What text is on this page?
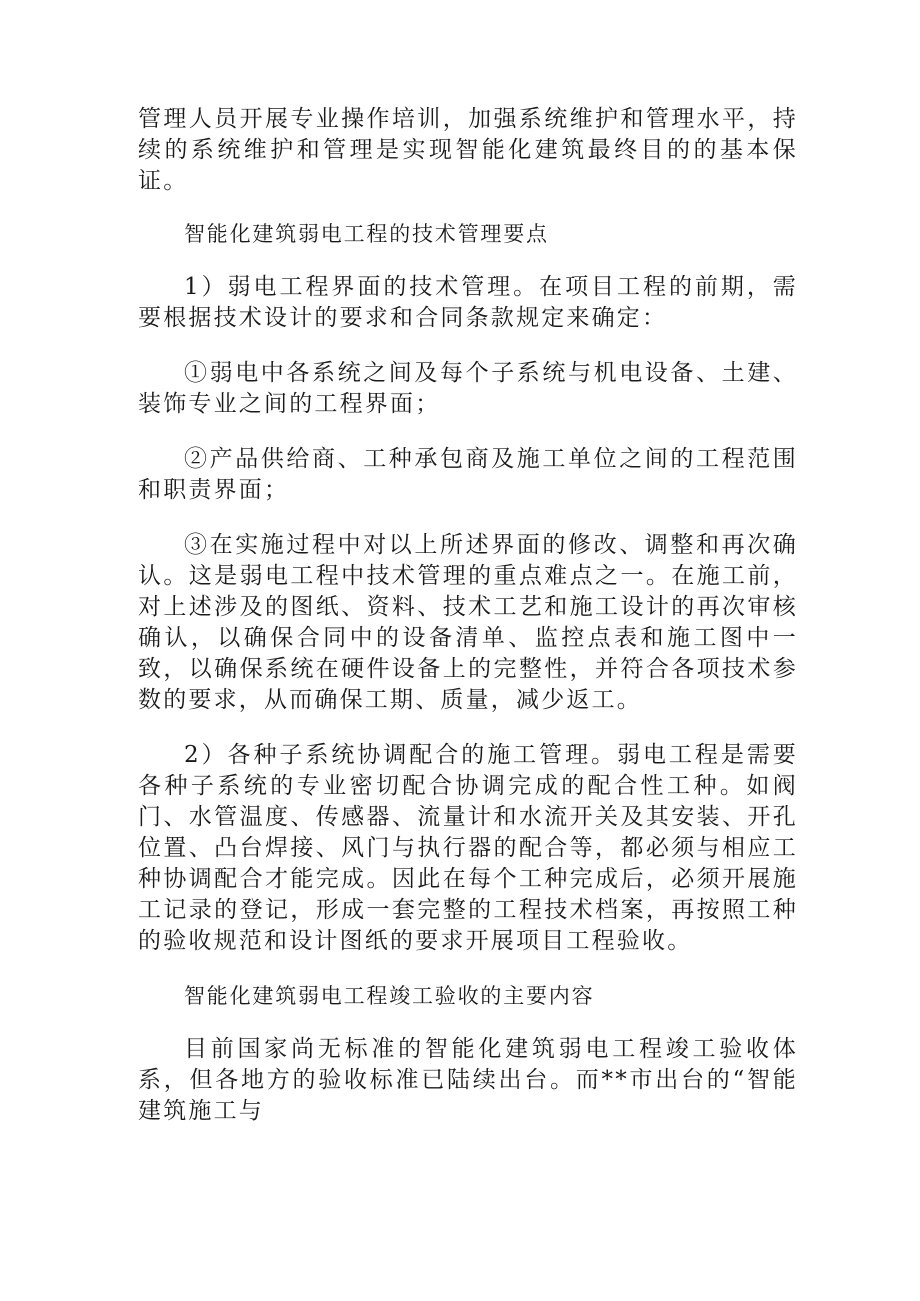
管理人员开展专业操作培训，加强系统维护和管理水平，持续的系统维护和管理是实现智能化建筑最终目的的基本保证。

智能化建筑弱电工程的技术管理要点

1）弱电工程界面的技术管理。在项目工程的前期，需要根据技术设计的要求和合同条款规定来确定：

①弱电中各系统之间及每个子系统与机电设备、土建、装饰专业之间的工程界面；

②产品供给商、工种承包商及施工单位之间的工程范围和职责界面；

③在实施过程中对以上所述界面的修改、调整和再次确认。这是弱电工程中技术管理的重点难点之一。在施工前，对上述涉及的图纸、资料、技术工艺和施工设计的再次审核确认，以确保合同中的设备清单、监控点表和施工图中一致，以确保系统在硬件设备上的完整性，并符合各项技术参数的要求，从而确保工期、质量，减少返工。

2）各种子系统协调配合的施工管理。弱电工程是需要各种子系统的专业密切配合协调完成的配合性工种。如阀门、水管温度、传感器、流量计和水流开关及其安装、开孔位置、凸台焊接、风门与执行器的配合等，都必须与相应工种协调配合才能完成。因此在每个工种完成后，必须开展施工记录的登记，形成一套完整的工程技术档案，再按照工种的验收规范和设计图纸的要求开展项目工程验收。

智能化建筑弱电工程竣工验收的主要内容

目前国家尚无标准的智能化建筑弱电工程竣工验收体系，但各地方的验收标准已陆续出台。而**市出台的“智能建筑施工与
